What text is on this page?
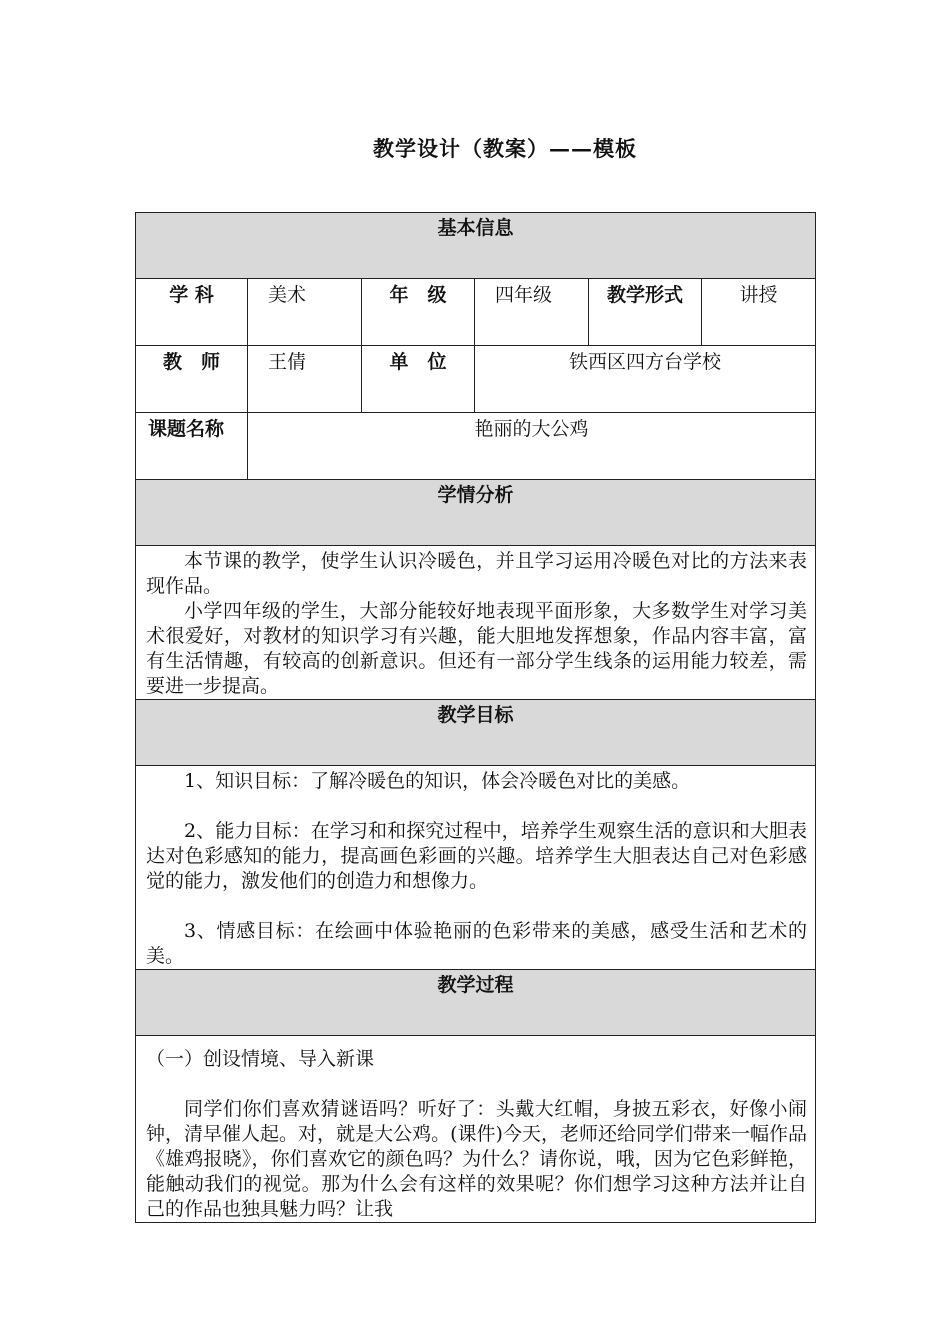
教学设计（教案）——模板
基本信息					
学 科	美术	年　级	四年级	教学形式	讲授
教　师	王倩	单　位	铁西区四方台学校		
课题名称	艳丽的大公鸡				
学情分析					

本节课的教学，使学生认识冷暖色，并且学习运用冷暖色对比的方法来表现作品。

小学四年级的学生，大部分能较好地表现平面形象，大多数学生对学习美术很爱好，对教材的知识学习有兴趣，能大胆地发挥想象，作品内容丰富，富有生活情趣，有较高的创新意识。但还有一部分学生线条的运用能力较差，需要进一步提高。					

教学目标					

1、知识目标：了解冷暖色的知识，体会冷暖色对比的美感。

2、能力目标：在学习和和探究过程中，培养学生观察生活的意识和大胆表达对色彩感知的能力，提高画色彩画的兴趣。培养学生大胆表达自己对色彩感觉的能力，激发他们的创造力和想像力。

3、情感目标：在绘画中体验艳丽的色彩带来的美感，感受生活和艺术的美。					

教学过程					

（一）创设情境、导入新课

同学们你们喜欢猜谜语吗？听好了：头戴大红帽，身披五彩衣，好像小闹钟，清早催人起。对，就是大公鸡。(课件)今天，老师还给同学们带来一幅作品《雄鸡报晓》，你们喜欢它的颜色吗？为什么？请你说，哦，因为它色彩鲜艳，能触动我们的视觉。那为什么会有这样的效果呢？你们想学习这种方法并让自己的作品也独具魅力吗？让我					
